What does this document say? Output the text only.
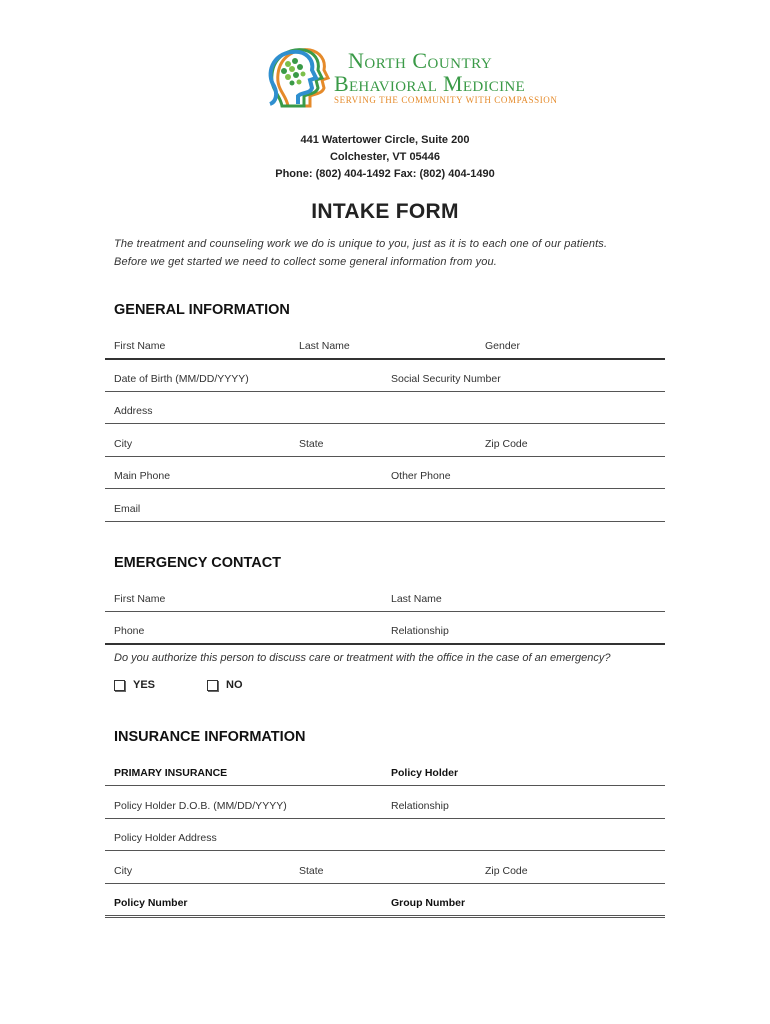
North Country
Behavioral Medicine
SERVING THE COMMUNITY WITH COMPASSION
441 Watertower Circle, Suite 200
Colchester, VT 05446
Phone: (802) 404-1492 Fax: (802) 404-1490
INTAKE FORM
The treatment and counseling work we do is unique to you, just as it is to each one of our patients.
Before we get started we need to collect some general information from you.
GENERAL INFORMATION
First Name	Last Name	Gender
Date of Birth (MM/DD/YYYY)	Social Security Number
Address
City	State	Zip Code
Main Phone	Other Phone
Email
EMERGENCY CONTACT
First Name	Last Name
Phone	Relationship
Do you authorize this person to discuss care or treatment with the office in the case of an emergency?
YES	NO
INSURANCE INFORMATION
PRIMARY INSURANCE	Policy Holder
Policy Holder D.O.B. (MM/DD/YYYY)	Relationship
Policy Holder Address
City	State	Zip Code
Policy Number	Group Number
